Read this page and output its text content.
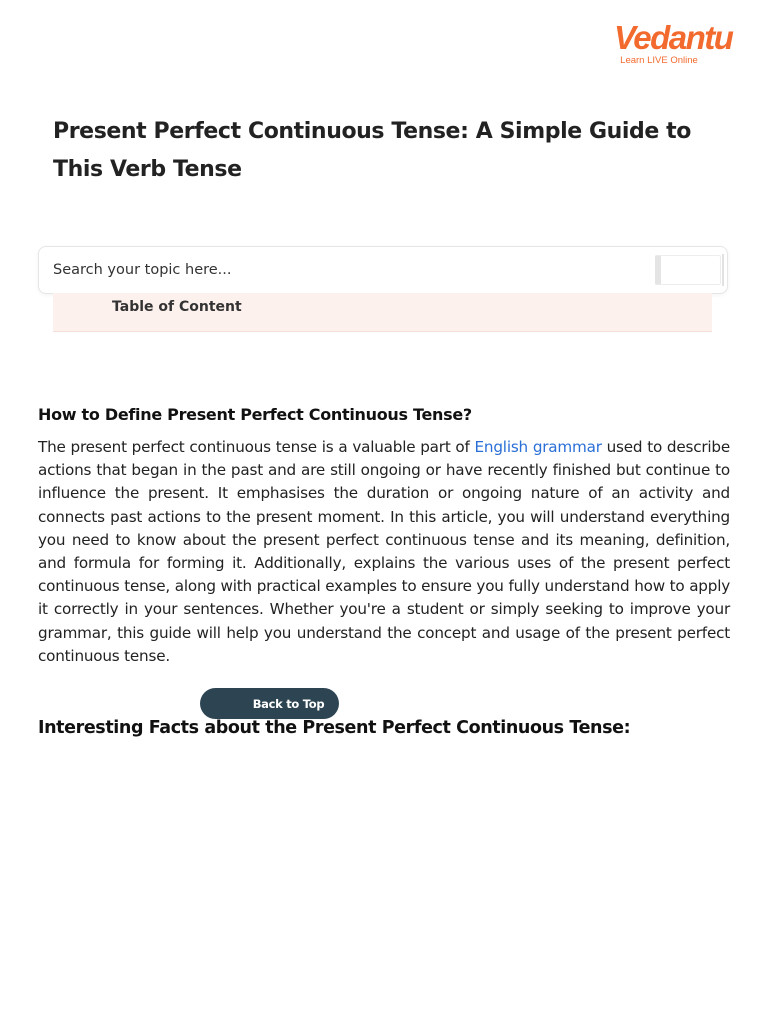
Vedantu
Learn LIVE Online
Present Perfect Continuous Tense: A Simple Guide to This Verb Tense
Search your topic here...
Table of Content
How to Define Present Perfect Continuous Tense?

The present perfect continuous tense is a valuable part of English grammar used to describe actions that began in the past and are still ongoing or have recently finished but continue to influence the present. It emphasises the duration or ongoing nature of an activity and connects past actions to the present moment. In this article, you will understand everything you need to know about the present perfect continuous tense and its meaning, definition, and formula for forming it. Additionally, explains the various uses of the present perfect continuous tense, along with practical examples to ensure you fully understand how to apply it correctly in your sentences. Whether you're a student or simply seeking to improve your grammar, this guide will help you understand the concept and usage of the present perfect continuous tense.

Back to Top
Interesting Facts about the Present Perfect Continuous Tense:
